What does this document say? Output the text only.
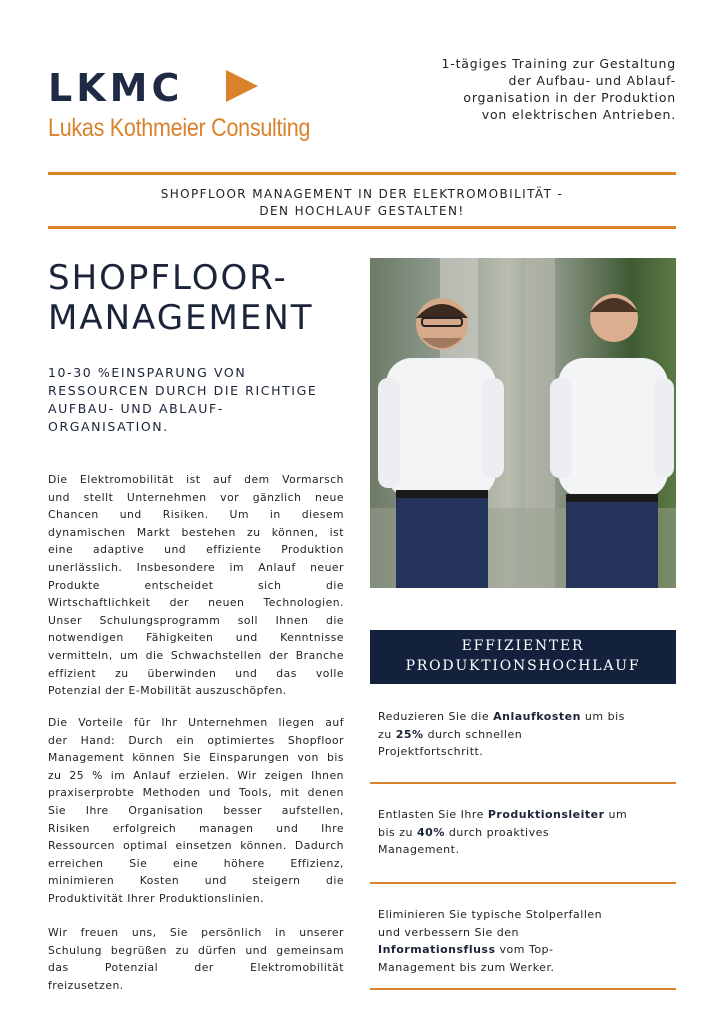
LKMC
Lukas Kothmeier Consulting
1-tägiges Training zur Gestaltung
der Aufbau- und Ablauf-
organisation in der Produktion
von elektrischen Antrieben.
SHOPFLOOR MANAGEMENT IN DER ELEKTROMOBILITÄT -
DEN HOCHLAUF GESTALTEN!
SHOPFLOOR-
MANAGEMENT
10-30 %EINSPARUNG VON
RESSOURCEN DURCH DIE RICHTIGE
AUFBAU- UND ABLAUF-
ORGANISATION.
Die Elektromobilität ist auf dem Vormarsch
und stellt Unternehmen vor gänzlich neue
Chancen und Risiken. Um in diesem
dynamischen Markt bestehen zu können, ist
eine adaptive und effiziente Produktion
unerlässlich. Insbesondere im Anlauf neuer
Produkte entscheidet sich die
Wirtschaftlichkeit der neuen Technologien.
Unser Schulungsprogramm soll Ihnen die
notwendigen Fähigkeiten und Kenntnisse
vermitteln, um die Schwachstellen der Branche
effizient zu überwinden und das volle
Potenzial der E-Mobilität auszuschöpfen.
Die Vorteile für Ihr Unternehmen liegen auf
der Hand: Durch ein optimiertes Shopfloor
Management können Sie Einsparungen von bis
zu 25 % im Anlauf erzielen. Wir zeigen Ihnen
praxiserprobte Methoden und Tools, mit denen
Sie Ihre Organisation besser aufstellen,
Risiken erfolgreich managen und Ihre
Ressourcen optimal einsetzen können. Dadurch
erreichen Sie eine höhere Effizienz,
minimieren Kosten und steigern die
Produktivität Ihrer Produktionslinien.
Wir freuen uns, Sie persönlich in unserer
Schulung begrüßen zu dürfen und gemeinsam
das Potenzial der Elektromobilität
freizusetzen.
EFFIZIENTER
PRODUKTIONSHOCHLAUF
Reduzieren Sie die Anlaufkosten um bis
zu 25% durch schnellen
Projektfortschritt.
Entlasten Sie Ihre Produktionsleiter um
bis zu 40% durch proaktives
Management.
Eliminieren Sie typische Stolperfallen
und verbessern Sie den
Informationsfluss vom Top-
Management bis zum Werker.
